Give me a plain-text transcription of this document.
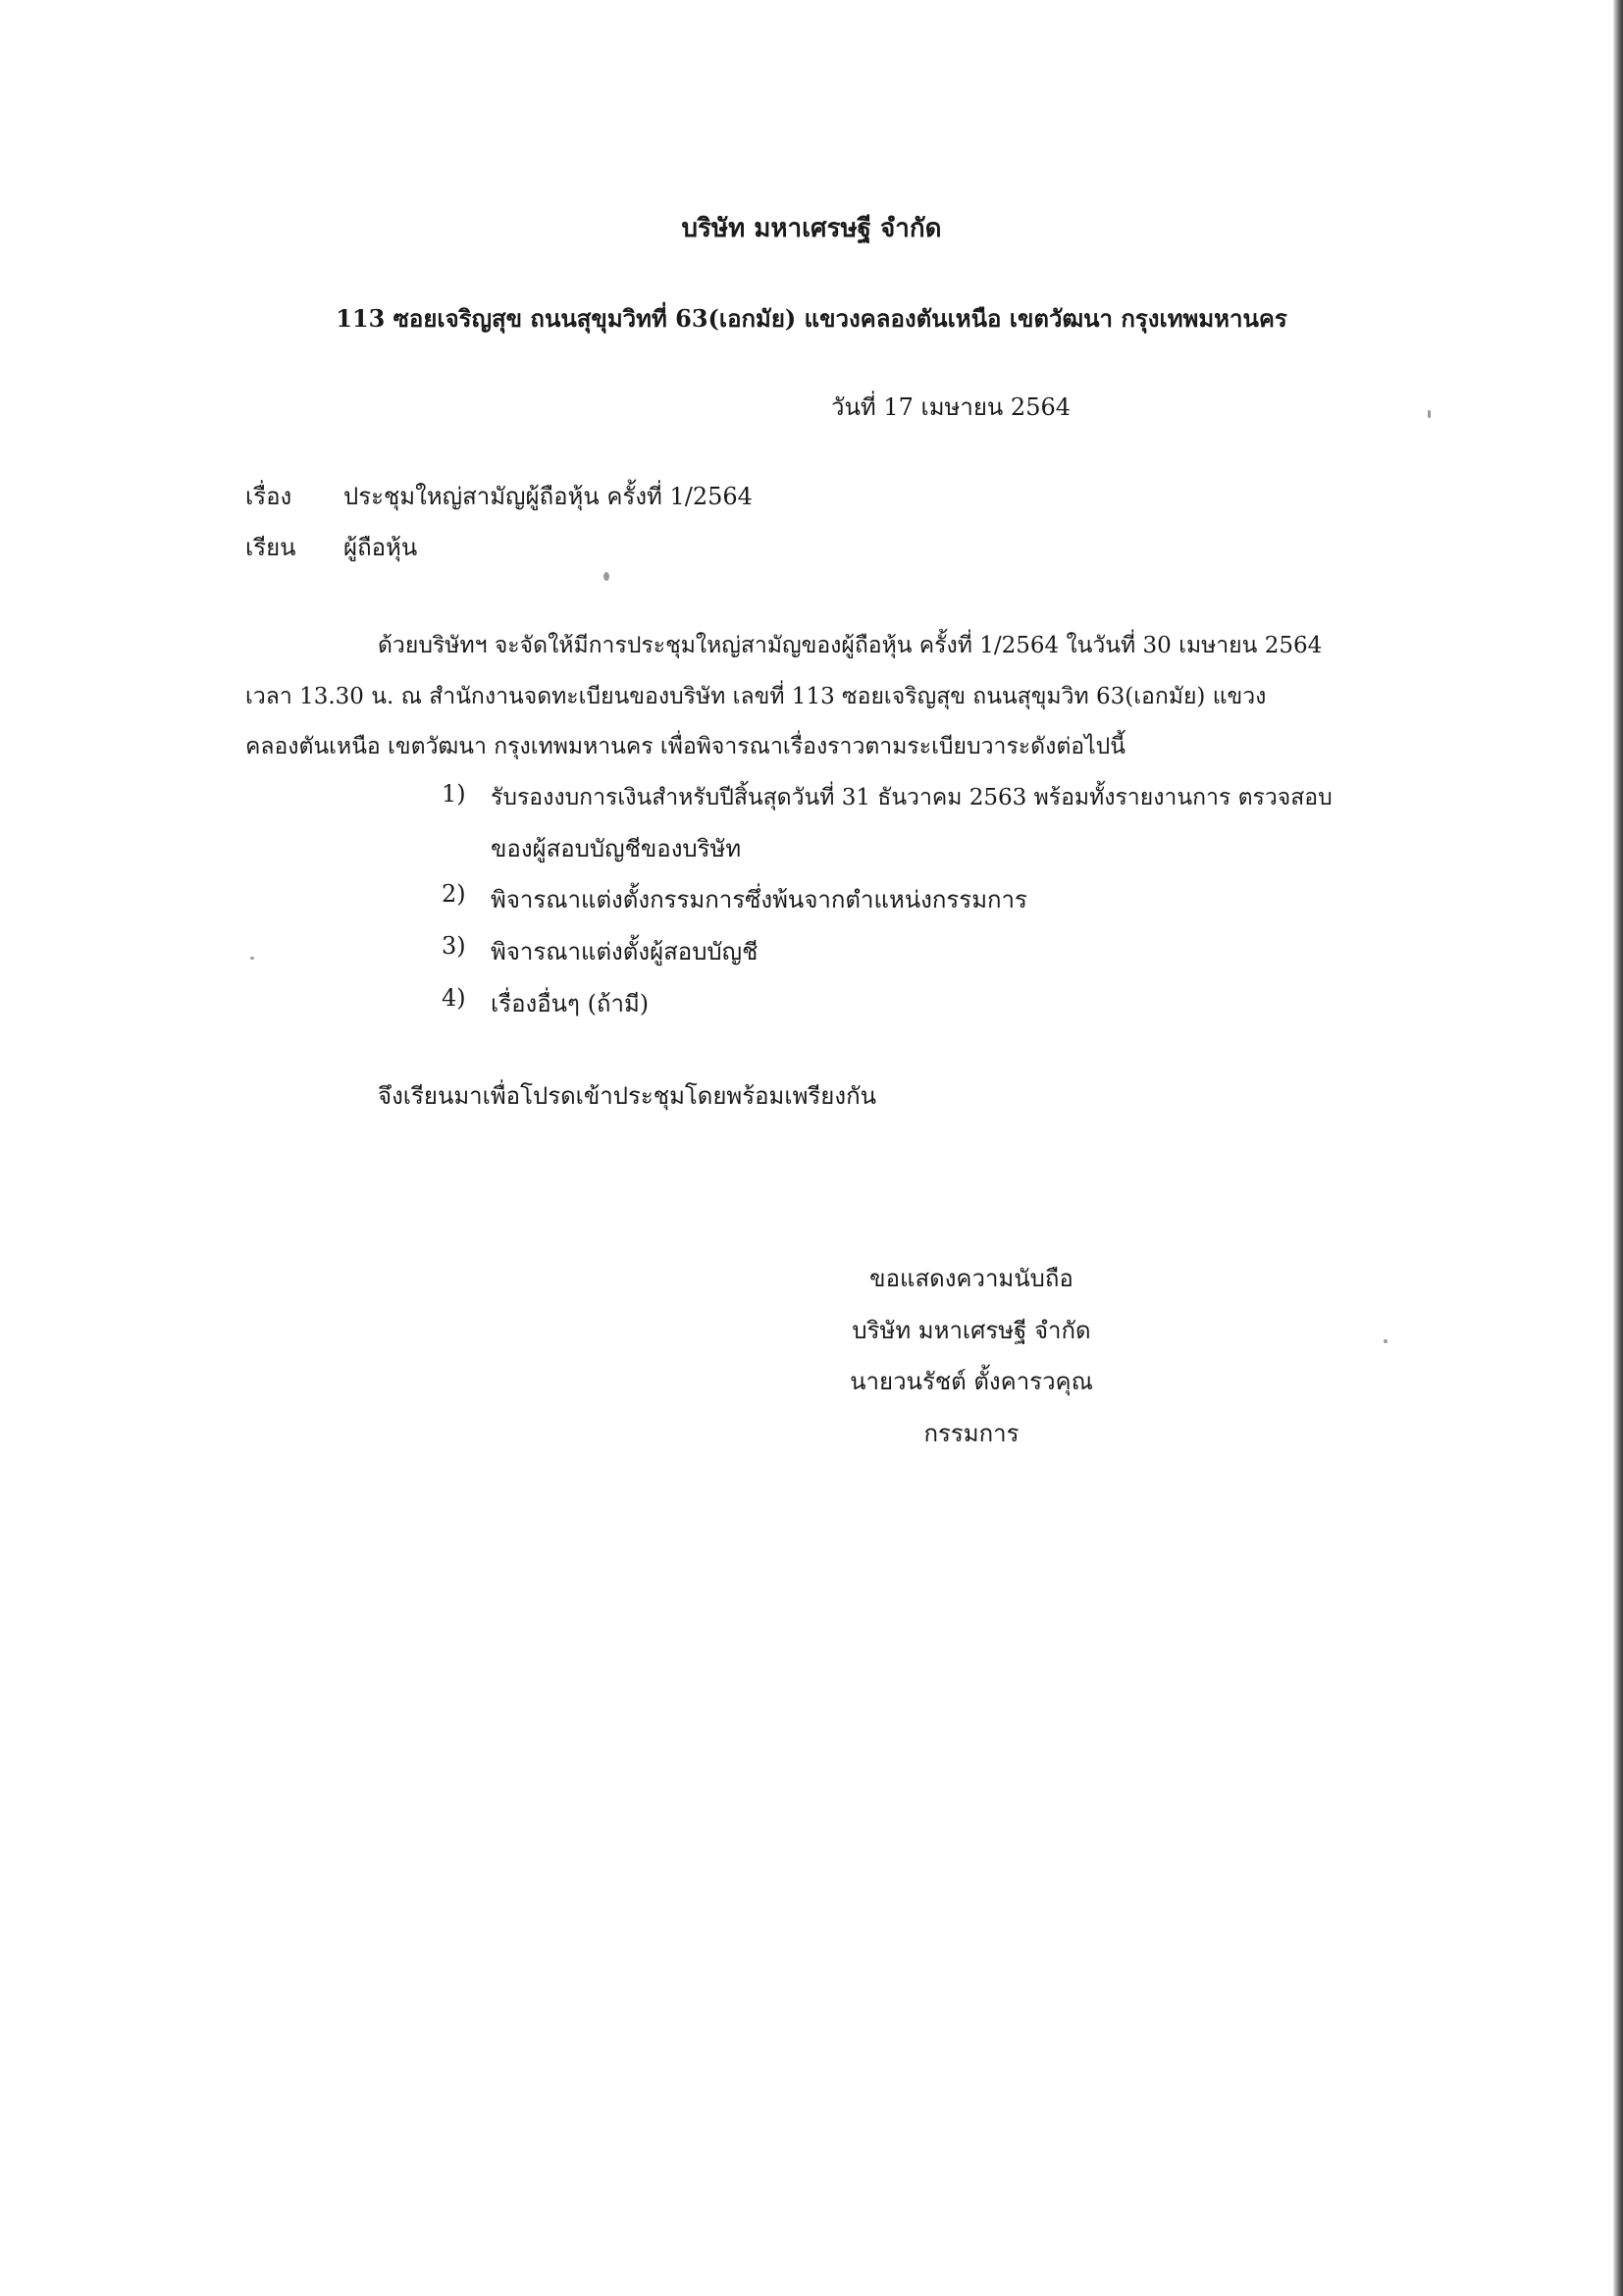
บริษัท มหาเศรษฐี จำกัด
113 ซอยเจริญสุข ถนนสุขุมวิทที่ 63(เอกมัย) แขวงคลองตันเหนือ เขตวัฒนา กรุงเทพมหานคร
วันที่ 17 เมษายน 2564
เรื่อง ประชุมใหญ่สามัญผู้ถือหุ้น ครั้งที่ 1/2564
เรียน ผู้ถือหุ้น
ด้วยบริษัทฯ จะจัดให้มีการประชุมใหญ่สามัญของผู้ถือหุ้น ครั้งที่ 1/2564 ในวันที่ 30 เมษายน 2564
เวลา 13.30 น. ณ สำนักงานจดทะเบียนของบริษัท เลขที่ 113 ซอยเจริญสุข ถนนสุขุมวิท 63(เอกมัย) แขวง
คลองตันเหนือ เขตวัฒนา กรุงเทพมหานคร เพื่อพิจารณาเรื่องราวตามระเบียบวาระดังต่อไปนี้
1) รับรองงบการเงินสำหรับปีสิ้นสุดวันที่ 31 ธันวาคม 2563 พร้อมทั้งรายงานการ ตรวจสอบ
ของผู้สอบบัญชีของบริษัท
2) พิจารณาแต่งตั้งกรรมการซึ่งพ้นจากตำแหน่งกรรมการ
3) พิจารณาแต่งตั้งผู้สอบบัญชี
4) เรื่องอื่นๆ (ถ้ามี)
จึงเรียนมาเพื่อโปรดเข้าประชุมโดยพร้อมเพรียงกัน
ขอแสดงความนับถือ
บริษัท มหาเศรษฐี จำกัด
นายวนรัชต์ ตั้งคารวคุณ
กรรมการ
